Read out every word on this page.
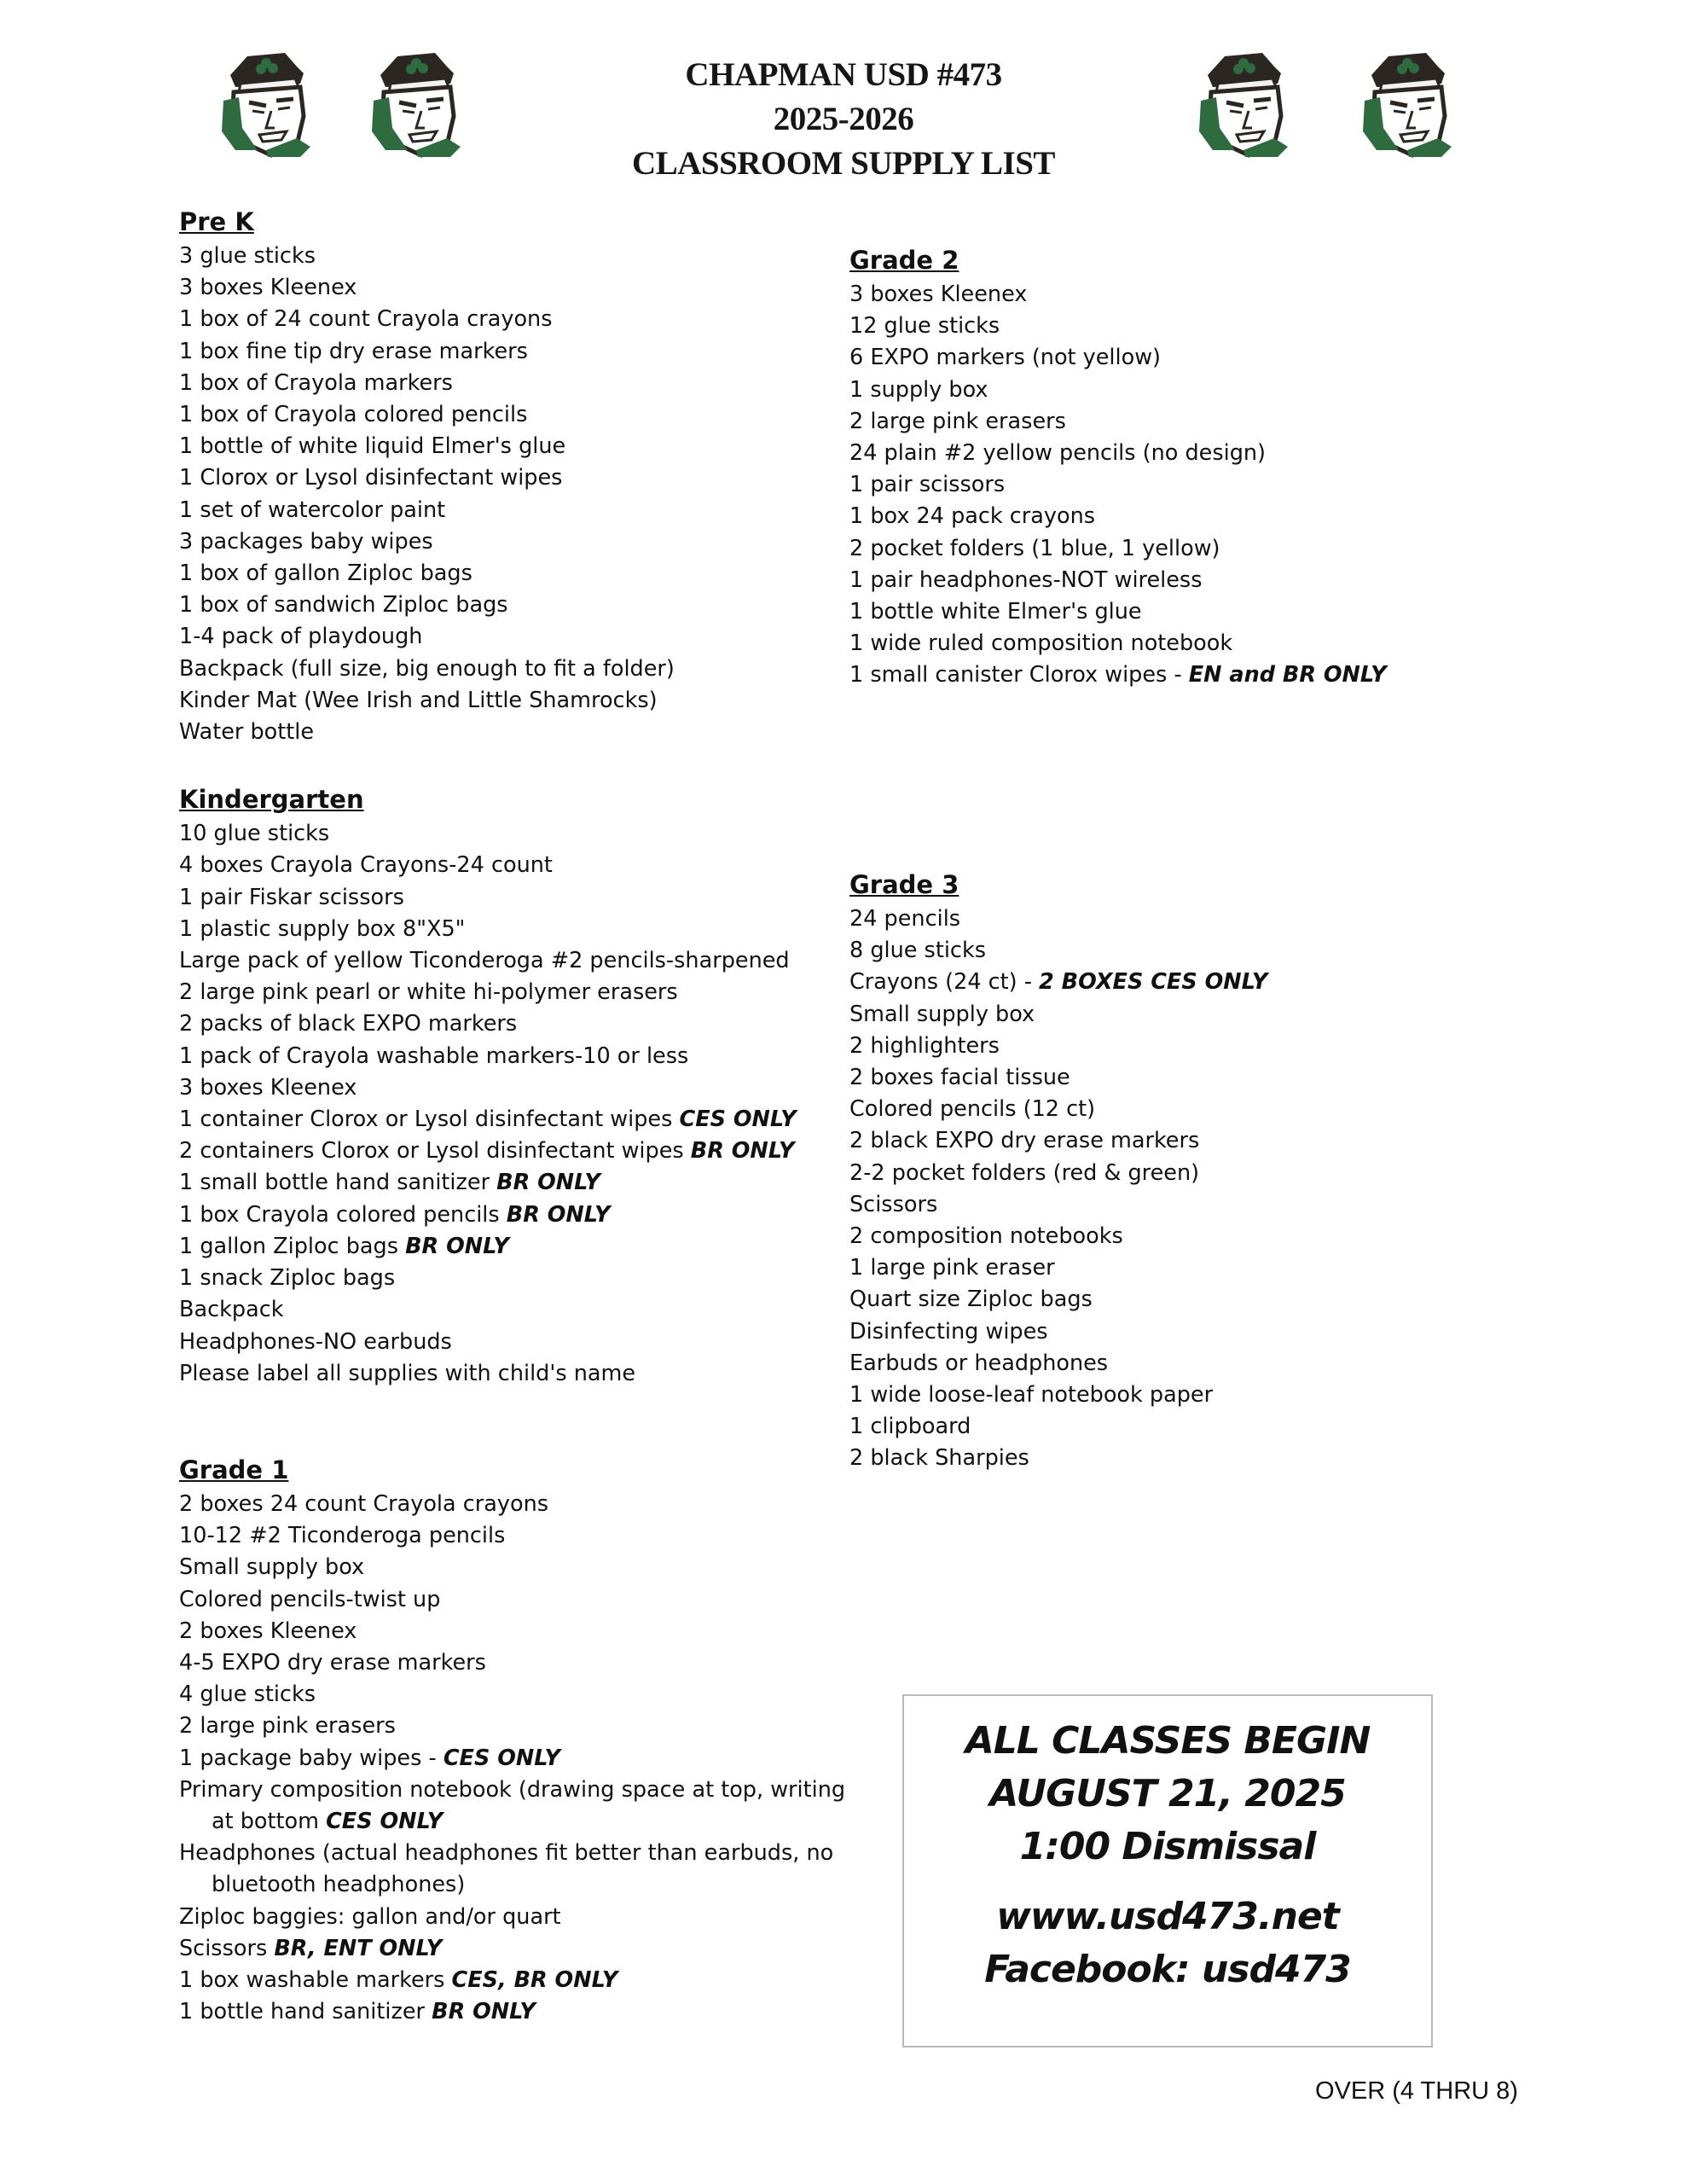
CHAPMAN USD #473
2025-2026
CLASSROOM SUPPLY LIST
Pre K
3 glue sticks
3 boxes Kleenex
1 box of 24 count Crayola crayons
1 box fine tip dry erase markers
1 box of Crayola markers
1 box of Crayola colored pencils
1 bottle of white liquid Elmer's glue
1 Clorox or Lysol disinfectant wipes
1 set of watercolor paint
3 packages baby wipes
1 box of gallon Ziploc bags
1 box of sandwich Ziploc bags
1-4 pack of playdough
Backpack (full size, big enough to fit a folder)
Kinder Mat (Wee Irish and Little Shamrocks)
Water bottle
Kindergarten
10 glue sticks
4 boxes Crayola Crayons-24 count
1 pair Fiskar scissors
1 plastic supply box 8"X5"
Large pack of yellow Ticonderoga #2 pencils-sharpened
2 large pink pearl or white hi-polymer erasers
2 packs of black EXPO markers
1 pack of Crayola washable markers-10 or less
3 boxes Kleenex
1 container Clorox or Lysol disinfectant wipes CES ONLY
2 containers Clorox or Lysol disinfectant wipes BR ONLY
1 small bottle hand sanitizer BR ONLY
1 box Crayola colored pencils BR ONLY
1 gallon Ziploc bags BR ONLY
1 snack Ziploc bags
Backpack
Headphones-NO earbuds
Please label all supplies with child's name
Grade 1
2 boxes 24 count Crayola crayons
10-12 #2 Ticonderoga pencils
Small supply box
Colored pencils-twist up
2 boxes Kleenex
4-5 EXPO dry erase markers
4 glue sticks
2 large pink erasers
1 package baby wipes - CES ONLY
Primary composition notebook (drawing space at top, writing at bottom CES ONLY
Headphones (actual headphones fit better than earbuds, no bluetooth headphones)
Ziploc baggies: gallon and/or quart
Scissors BR, ENT ONLY
1 box washable markers CES, BR ONLY
1 bottle hand sanitizer BR ONLY
Grade 2
3 boxes Kleenex
12 glue sticks
6 EXPO markers (not yellow)
1 supply box
2 large pink erasers
24 plain #2 yellow pencils (no design)
1 pair scissors
1 box 24 pack crayons
2 pocket folders (1 blue, 1 yellow)
1 pair headphones-NOT wireless
1 bottle white Elmer's glue
1 wide ruled composition notebook
1 small canister Clorox wipes - EN and BR ONLY
Grade 3
24 pencils
8 glue sticks
Crayons (24 ct) - 2 BOXES CES ONLY
Small supply box
2 highlighters
2 boxes facial tissue
Colored pencils (12 ct)
2 black EXPO dry erase markers
2-2 pocket folders (red & green)
Scissors
2 composition notebooks
1 large pink eraser
Quart size Ziploc bags
Disinfecting wipes
Earbuds or headphones
1 wide loose-leaf notebook paper
1 clipboard
2 black Sharpies
ALL CLASSES BEGIN
AUGUST 21, 2025
1:00 Dismissal
www.usd473.net
Facebook: usd473
OVER (4 THRU 8)
